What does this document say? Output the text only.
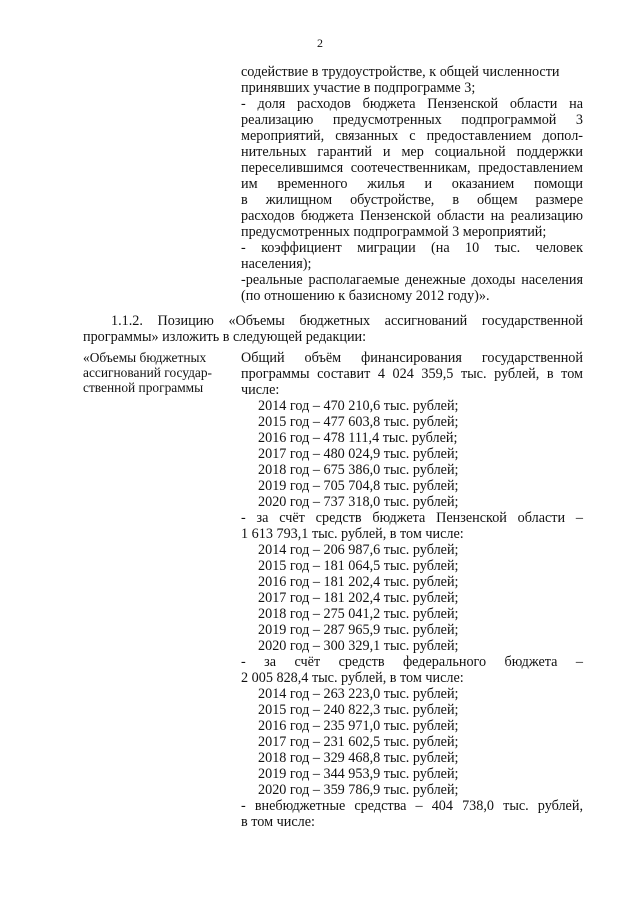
2
содействие в трудоустройстве, к общей численности
принявших участие в подпрограмме 3;
- доля расходов бюджета Пензенской области на
реализацию предусмотренных подпрограммой 3
мероприятий, связанных с предоставлением допол-
нительных гарантий и мер социальной поддержки
переселившимся соотечественникам, предоставлением
им временного жилья и оказанием помощи
в жилищном обустройстве, в общем размере
расходов бюджета Пензенской области на реализацию
предусмотренных подпрограммой 3 мероприятий;
- коэффициент миграции (на 10 тыс. человек
населения);
-реальные располагаемые денежные доходы населения
(по отношению к базисному 2012 году)».
1.1.2. Позицию «Объемы бюджетных ассигнований государственной
программы» изложить в следующей редакции:
«Объемы бюджетных
ассигнований государ-
ственной программы
Общий объём финансирования государственной
программы составит 4 024 359,5 тыс. рублей, в том
числе:
2014 год – 470 210,6 тыс. рублей;
2015 год – 477 603,8 тыс. рублей;
2016 год – 478 111,4 тыс. рублей;
2017 год – 480 024,9 тыс. рублей;
2018 год – 675 386,0 тыс. рублей;
2019 год – 705 704,8 тыс. рублей;
2020 год – 737 318,0 тыс. рублей;
- за счёт средств бюджета Пензенской области –
1 613 793,1 тыс. рублей, в том числе:
2014 год – 206 987,6 тыс. рублей;
2015 год – 181 064,5 тыс. рублей;
2016 год – 181 202,4 тыс. рублей;
2017 год – 181 202,4 тыс. рублей;
2018 год – 275 041,2 тыс. рублей;
2019 год – 287 965,9 тыс. рублей;
2020 год – 300 329,1 тыс. рублей;
- за счёт средств федерального бюджета –
2 005 828,4 тыс. рублей, в том числе:
2014 год – 263 223,0 тыс. рублей;
2015 год – 240 822,3 тыс. рублей;
2016 год – 235 971,0 тыс. рублей;
2017 год – 231 602,5 тыс. рублей;
2018 год – 329 468,8 тыс. рублей;
2019 год – 344 953,9 тыс. рублей;
2020 год – 359 786,9 тыс. рублей;
- внебюджетные средства – 404 738,0 тыс. рублей,
в том числе:
